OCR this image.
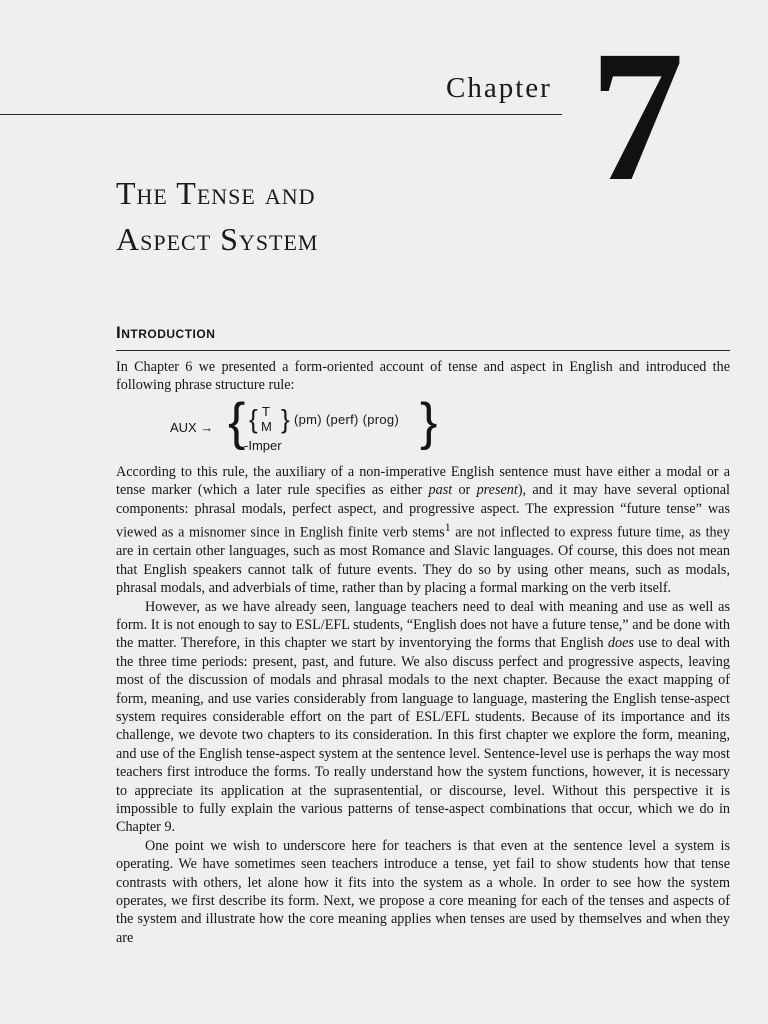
Chapter 7
The Tense and
Aspect System
Introduction

In Chapter 6 we presented a form-oriented account of tense and aspect in English and introduced the following phrase structure rule:

AUX → { { T
M }
-Imper
(pm) (perf) (prog) }

According to this rule, the auxiliary of a non-imperative English sentence must have either a modal or a tense marker (which a later rule specifies as either past or present), and it may have several optional components: phrasal modals, perfect aspect, and progressive aspect. The expression “future tense” was viewed as a misnomer since in English finite verb stems$^1$ are not inflected to express future time, as they are in certain other languages, such as most Romance and Slavic languages. Of course, this does not mean that English speakers cannot talk of future events. They do so by using other means, such as modals, phrasal modals, and adverbials of time, rather than by placing a formal marking on the verb itself.

However, as we have already seen, language teachers need to deal with meaning and use as well as form. It is not enough to say to ESL/EFL students, “English does not have a future tense,” and be done with the matter. Therefore, in this chapter we start by inventorying the forms that English does use to deal with the three time periods: present, past, and future. We also discuss perfect and progressive aspects, leaving most of the discussion of modals and phrasal modals to the next chapter. Because the exact mapping of form, meaning, and use varies considerably from language to language, mastering the English tense-aspect system requires considerable effort on the part of ESL/EFL students. Because of its importance and its challenge, we devote two chapters to its consideration. In this first chapter we explore the form, meaning, and use of the English tense-aspect system at the sentence level. Sentence-level use is perhaps the way most teachers first introduce the forms. To really understand how the system functions, however, it is necessary to appreciate its application at the suprasentential, or discourse, level. Without this perspective it is impossible to fully explain the various patterns of tense-aspect combinations that occur, which we do in Chapter 9.

One point we wish to underscore here for teachers is that even at the sentence level a system is operating. We have sometimes seen teachers introduce a tense, yet fail to show students how that tense contrasts with others, let alone how it fits into the system as a whole. In order to see how the system operates, we first describe its form. Next, we propose a core meaning for each of the tenses and aspects of the system and illustrate how the core meaning applies when tenses are used by themselves and when they are
